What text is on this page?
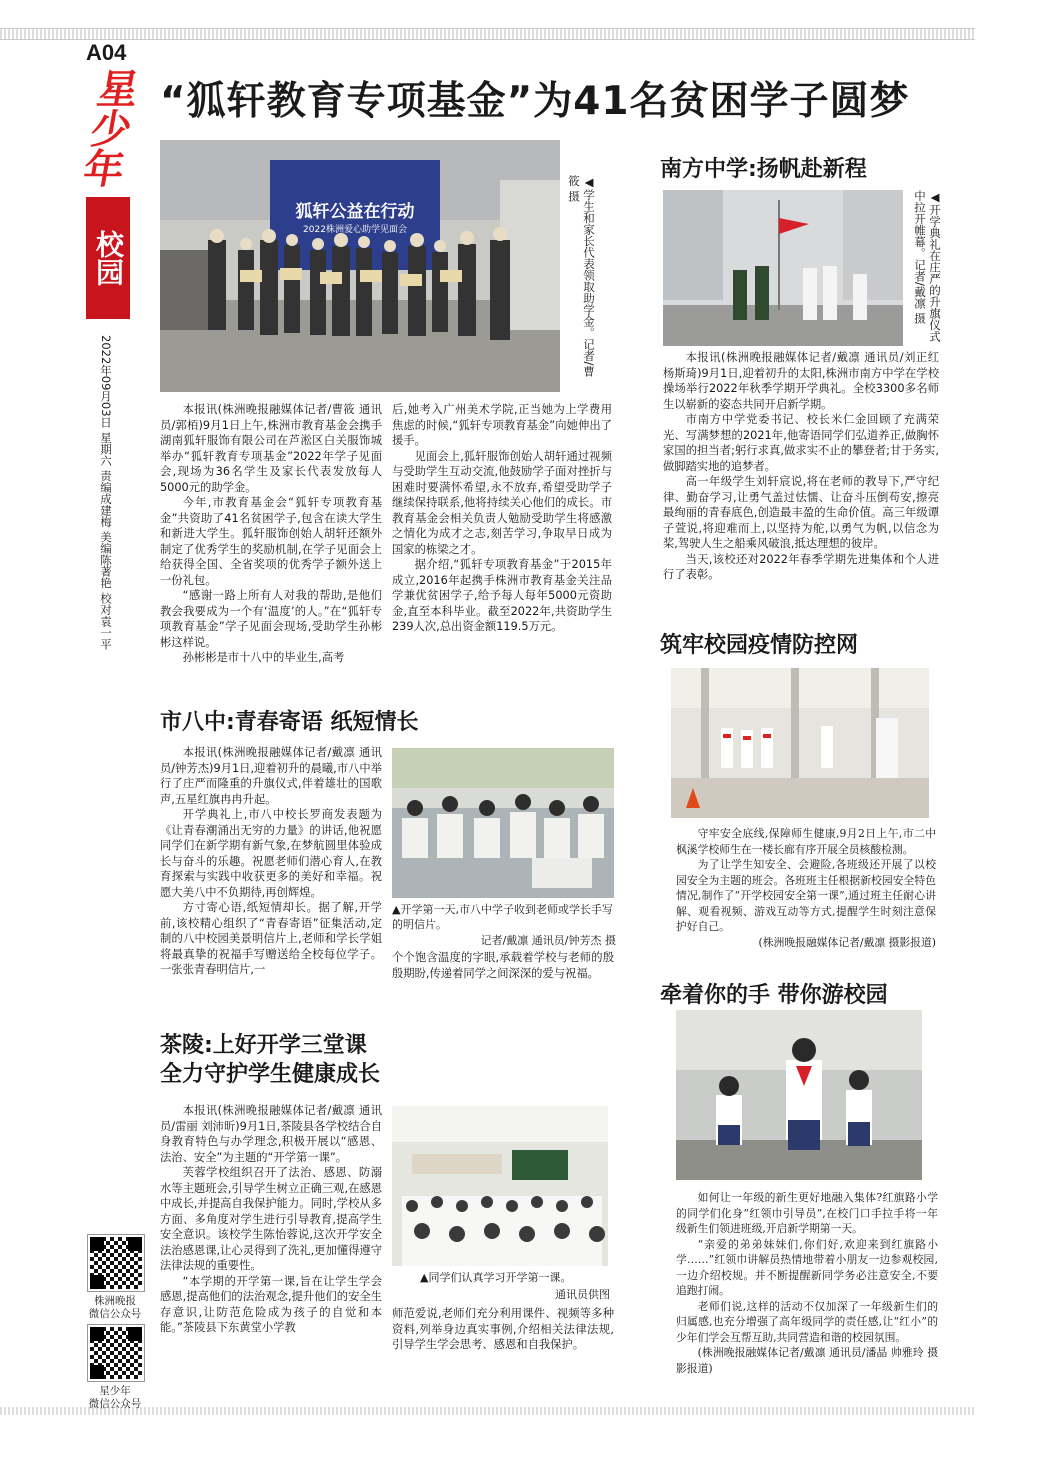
A04
星
少
年
校园
2022年09月03日 星期六 责编成建梅 美编陈著艳 校对袁一平
株洲晚报
微信公众号
星少年
微信公众号
“狐轩教育专项基金”为41名贫困学子圆梦
狐轩公益在行动
2022株洲爱心助学见面会	◀学生和家长代表领取助学金。记者/曹筱 摄

本报讯(株洲晚报融媒体记者/曹筱 通讯员/郭栢)9月1日上午,株洲市教育基金会携手湖南狐轩服饰有限公司在芦淞区白关服饰城举办“狐轩教育专项基金”2022年学子见面会,现场为36名学生及家长代表发放每人5000元的助学金。

今年,市教育基金会“狐轩专项教育基金”共资助了41名贫困学子,包含在读大学生和新进大学生。狐轩服饰创始人胡轩还额外制定了优秀学生的奖励机制,在学子见面会上给获得全国、全省奖项的优秀学子额外送上一份礼包。

“感谢一路上所有人对我的帮助,是他们教会我要成为一个有‘温度’的人。”在“狐轩专项教育基金”学子见面会现场,受助学生孙彬彬这样说。

孙彬彬是市十八中的毕业生,高考

后,她考入广州美术学院,正当她为上学费用焦虑的时候,“狐轩专项教育基金”向她伸出了援手。

见面会上,狐轩服饰创始人胡轩通过视频与受助学生互动交流,他鼓励学子面对挫折与困难时要满怀希望,永不放弃,希望受助学子继续保持联系,他将持续关心他们的成长。市教育基金会相关负责人勉励受助学生将感激之情化为成才之志,刻苦学习,争取早日成为国家的栋梁之才。

据介绍,“狐轩专项教育基金”于2015年成立,2016年起携手株洲市教育基金关注品学兼优贫困学子,给予每人每年5000元资助金,直至本科毕业。截至2022年,共资助学生239人次,总出资金额119.5万元。

市八中:青春寄语 纸短情长

本报讯(株洲晚报融媒体记者/戴凛 通讯员/钟芳杰)9月1日,迎着初升的晨曦,市八中举行了庄严而隆重的升旗仪式,伴着雄壮的国歌声,五星红旗冉冉升起。

开学典礼上,市八中校长罗商发表题为《让青春潮涌出无穷的力量》的讲话,他祝愿同学们在新学期有新气象,在梦航圆里体验成长与奋斗的乐趣。祝愿老师们潜心育人,在教育探索与实践中收获更多的美好和幸福。祝愿大美八中不负期待,再创辉煌。

方寸寄心语,纸短情却长。据了解,开学前,该校精心组织了“青春寄语”征集活动,定制的八中校园美景明信片上,老师和学长学姐将最真挚的祝福手写赠送给全校每位学子。一张张青春明信片,一

▲开学第一天,市八中学子收到老师或学长手写的明信片。
记者/戴凛 通讯员/钟芳杰 摄

个个饱含温度的字眼,承载着学校与老师的殷殷期盼,传递着同学之间深深的爱与祝福。

茶陵:上好开学三堂课
全力守护学生健康成长

本报讯(株洲晚报融媒体记者/戴凛 通讯员/雷丽 刘沛昕)9月1日,茶陵县各学校结合自身教育特色与办学理念,积极开展以“感恩、法治、安全”为主题的“开学第一课”。

芙蓉学校组织召开了法治、感恩、防溺水等主题班会,引导学生树立正确三观,在感恩中成长,并提高自我保护能力。同时,学校从多方面、多角度对学生进行引导教育,提高学生安全意识。该校学生陈怡蓉说,这次开学安全法治感恩课,让心灵得到了洗礼,更加懂得遵守法律法规的重要性。

“本学期的开学第一课,旨在让学生学会感恩,提高他们的法治观念,提升他们的安全生存意识,让防范危险成为孩子的自觉和本能。”茶陵县下东黄堂小学教

▲同学们认真学习开学第一课。
通讯员供图

师范爱说,老师们充分利用课件、视频等多种资料,列举身边真实事例,介绍相关法律法规,引导学生学会思考、感恩和自我保护。

南方中学:扬帆赴新程
◀开学典礼在庄严的升旗仪式中拉开帷幕。记者/戴凛 摄

本报讯(株洲晚报融媒体记者/戴凛 通讯员/刘正红 杨斯琦)9月1日,迎着初升的太阳,株洲市南方中学在学校操场举行2022年秋季学期开学典礼。全校3300多名师生以崭新的姿态共同开启新学期。

市南方中学党委书记、校长米仁金回顾了充满荣光、写满梦想的2021年,他寄语同学们弘道养正,做胸怀家国的担当者;躬行求真,做求实不止的攀登者;甘于务实,做脚踏实地的追梦者。

高一年级学生刘轩宸说,将在老师的教导下,严守纪律、勤奋学习,让勇气盖过怯懦、让奋斗压倒苟安,擦亮最绚丽的青春底色,创造最丰盈的生命价值。高三年级谭子萱说,将迎难而上,以坚持为舵,以勇气为帆,以信念为桨,驾驶人生之船乘风破浪,抵达理想的彼岸。

当天,该校还对2022年春季学期先进集体和个人进行了表彰。

筑牢校园疫情防控网

守牢安全底线,保障师生健康,9月2日上午,市二中枫溪学校师生在一楼长廊有序开展全员核酸检测。

为了让学生知安全、会避险,各班级还开展了以校园安全为主题的班会。各班班主任根据新校园安全特色情况,制作了“开学校园安全第一课”,通过班主任耐心讲解、观看视频、游戏互动等方式,提醒学生时刻注意保护好自己。

(株洲晚报融媒体记者/戴凛 摄影报道)

牵着你的手 带你游校园

如何让一年级的新生更好地融入集体?红旗路小学的同学们化身“红领巾引导员”,在校门口手拉手将一年级新生们领进班级,开启新学期第一天。

“亲爱的弟弟妹妹们,你们好,欢迎来到红旗路小学……”红领巾讲解员热情地带着小朋友一边参观校园,一边介绍校规。并不断提醒新同学务必注意安全,不要追跑打闹。

老师们说,这样的活动不仅加深了一年级新生们的归属感,也充分增强了高年级同学的责任感,让“红小”的少年们学会互帮互助,共同营造和谐的校园氛围。

(株洲晚报融媒体记者/戴凛 通讯员/潘晶 帅雅玲 摄影报道)
